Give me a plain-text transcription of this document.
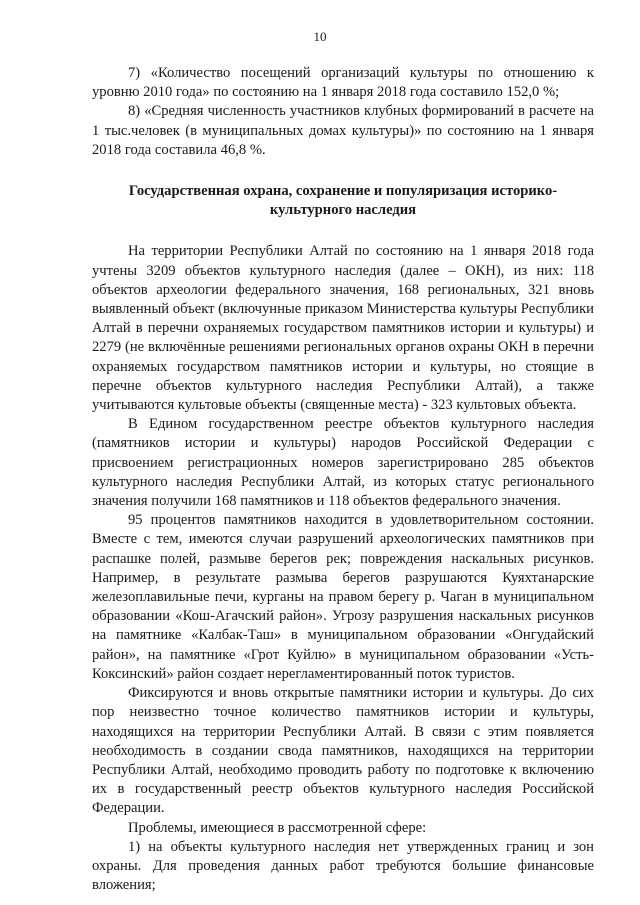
10

7) «Количество посещений организаций культуры по отношению к уровню 2010 года» по состоянию на 1 января 2018 года составило 152,0 %;

8) «Средняя численность участников клубных формирований в расчете на 1 тыс.человек (в муниципальных домах культуры)» по состоянию на 1 января 2018 года составила 46,8 %.

Государственная охрана, сохранение и популяризация историко-культурного наследия

На территории Республики Алтай по состоянию на 1 января 2018 года учтены 3209 объектов культурного наследия (далее – ОКН), из них: 118 объектов археологии федерального значения, 168 региональных, 321 вновь выявленный объект (включунные приказом Министерства культуры Республики Алтай в перечни охраняемых государством памятников истории и культуры) и 2279 (не включённые решениями региональных органов охраны ОКН в перечни охраняемых государством памятников истории и культуры, но стоящие в перечне объектов культурного наследия Республики Алтай), а также учитываются культовые объекты (священные места) - 323 культовых объекта.

В Едином государственном реестре объектов культурного наследия (памятников истории и культуры) народов Российской Федерации с присвоением регистрационных номеров зарегистрировано 285 объектов культурного наследия Республики Алтай, из которых статус регионального значения получили 168 памятников и 118 объектов федерального значения.

95 процентов памятников находится в удовлетворительном состоянии. Вместе с тем, имеются случаи разрушений археологических памятников при распашке полей, размыве берегов рек; повреждения наскальных рисунков. Например, в результате размыва берегов разрушаются Куяхтанарские железоплавильные печи, курганы на правом берегу р. Чаган в муниципальном образовании «Кош-Агачский район». Угрозу разрушения наскальных рисунков на памятнике «Калбак-Таш» в муниципальном образовании «Онгудайский район», на памятнике «Грот Куйлю» в муниципальном образовании «Усть-Коксинский» район создает нерегламентированный поток туристов.

Фиксируются и вновь открытые памятники истории и культуры. До сих пор неизвестно точное количество памятников истории и культуры, находящихся на территории Республики Алтай. В связи с этим появляется необходимость в создании свода памятников, находящихся на территории Республики Алтай, необходимо проводить работу по подготовке к включению их в государственный реестр объектов культурного наследия Российской Федерации.

Проблемы, имеющиеся в рассмотренной сфере:

1) на объекты культурного наследия нет утвержденных границ и зон охраны. Для проведения данных работ требуются большие финансовые вложения;
